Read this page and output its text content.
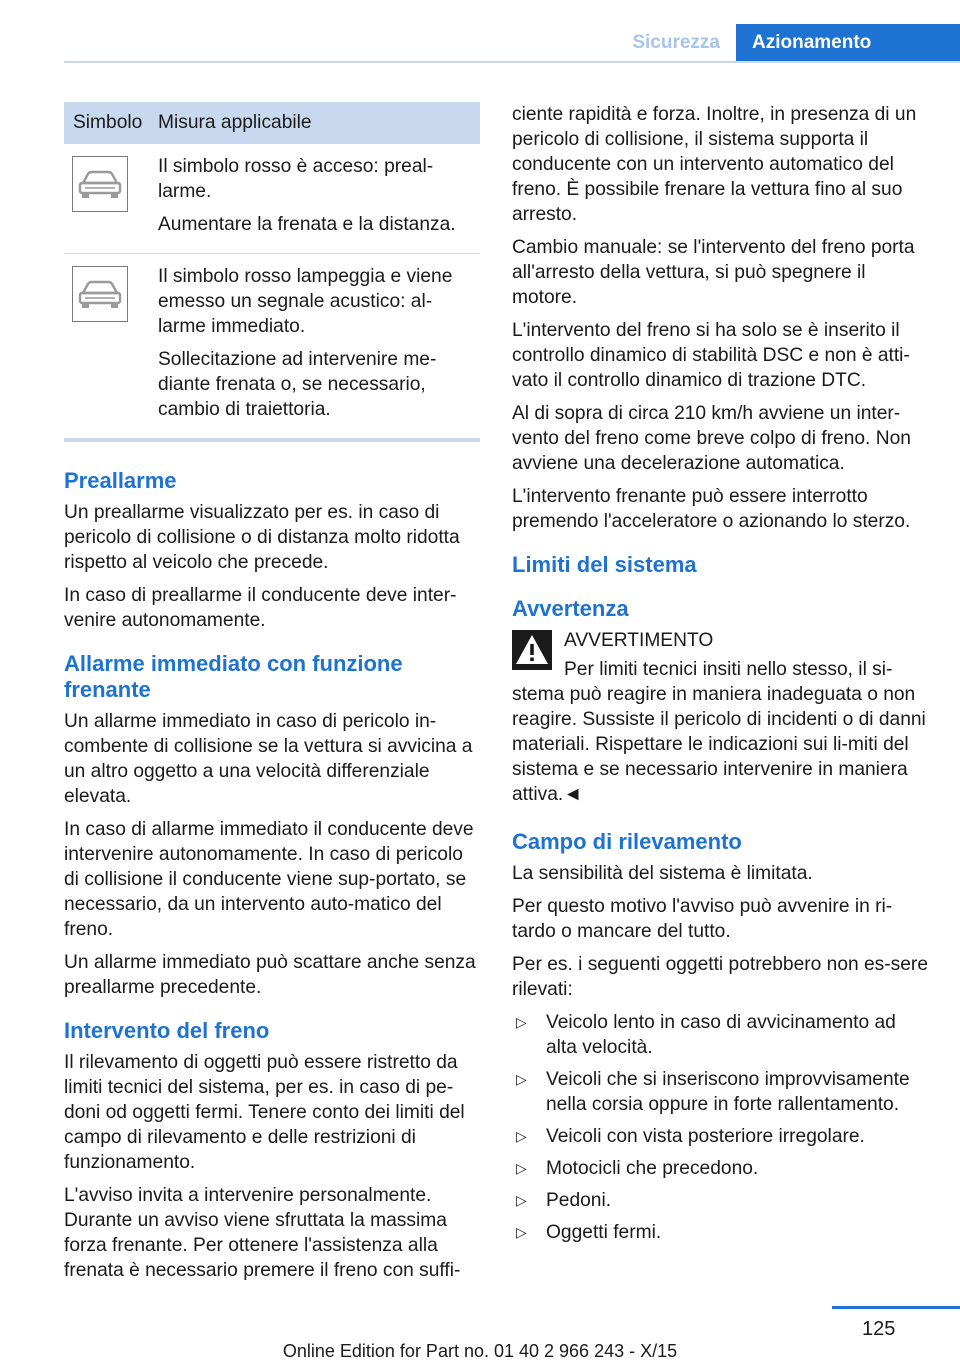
Sicurezza	Azionamento
Simbolo Misura applicabile

Il simbolo rosso è acceso: preal-larme.

Aumentare la frenata e la distanza.

Il simbolo rosso lampeggia e viene emesso un segnale acustico: al-larme immediato.

Sollecitazione ad intervenire me-diante frenata o, se necessario, cambio di traiettoria.

Preallarme

Un preallarme visualizzato per es. in caso di pericolo di collisione o di distanza molto ridotta rispetto al veicolo che precede.

In caso di preallarme il conducente deve inter-venire autonomamente.

Allarme immediato con funzione frenante

Un allarme immediato in caso di pericolo in-combente di collisione se la vettura si avvicina a un altro oggetto a una velocità differenziale elevata.

In caso di allarme immediato il conducente deve intervenire autonomamente. In caso di pericolo di collisione il conducente viene sup-portato, se necessario, da un intervento auto-matico del freno.

Un allarme immediato può scattare anche senza preallarme precedente.

Intervento del freno

Il rilevamento di oggetti può essere ristretto da limiti tecnici del sistema, per es. in caso di pe-doni od oggetti fermi. Tenere conto dei limiti del campo di rilevamento e delle restrizioni di funzionamento.

L'avviso invita a intervenire personalmente. Durante un avviso viene sfruttata la massima forza frenante. Per ottenere l'assistenza alla frenata è necessario premere il freno con suffi-

ciente rapidità e forza. Inoltre, in presenza di un pericolo di collisione, il sistema supporta il conducente con un intervento automatico del freno. È possibile frenare la vettura fino al suo arresto.

Cambio manuale: se l'intervento del freno porta all'arresto della vettura, si può spegnere il motore.

L'intervento del freno si ha solo se è inserito il controllo dinamico di stabilità DSC e non è atti-vato il controllo dinamico di trazione DTC.

Al di sopra di circa 210 km/h avviene un inter-vento del freno come breve colpo di freno. Non avviene una decelerazione automatica.

L'intervento frenante può essere interrotto premendo l'acceleratore o azionando lo sterzo.

Limiti del sistema
Avvertenza

AVVERTIMENTO

Per limiti tecnici insiti nello stesso, il si-

stema può reagire in maniera inadeguata o non reagire. Sussiste il pericolo di incidenti o di danni materiali. Rispettare le indicazioni sui li-miti del sistema e se necessario intervenire in maniera attiva.◄

Campo di rilevamento

La sensibilità del sistema è limitata.

Per questo motivo l'avviso può avvenire in ri-tardo o mancare del tutto.

Per es. i seguenti oggetti potrebbero non es-sere rilevati:

▷ Veicolo lento in caso di avvicinamento ad alta velocità.
▷ Veicoli che si inseriscono improvvisamente nella corsia oppure in forte rallentamento.
▷ Veicoli con vista posteriore irregolare.
▷ Motocicli che precedono.
▷ Pedoni.
▷ Oggetti fermi.
125
Online Edition for Part no. 01 40 2 966 243 - X/15
